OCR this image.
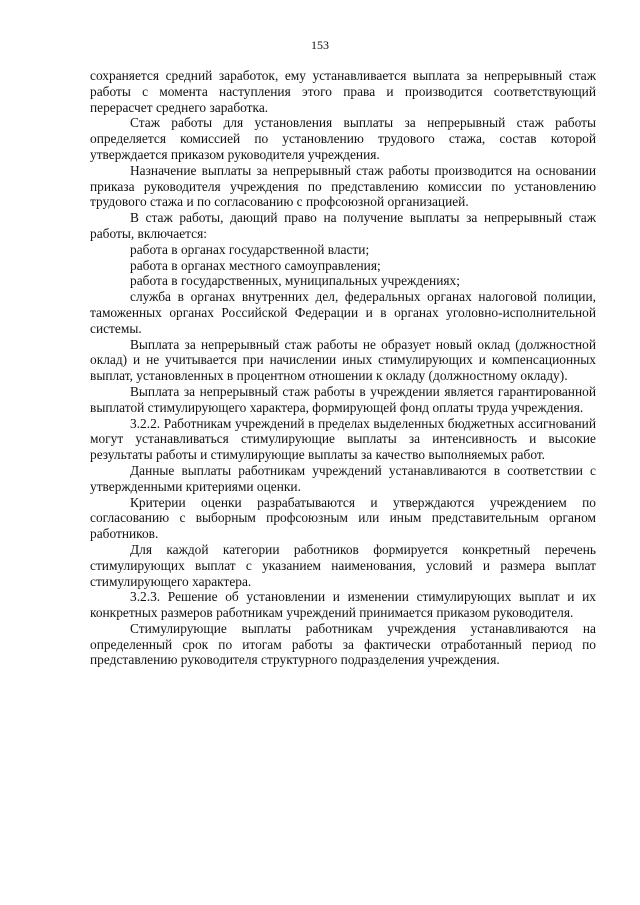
153

сохраняется средний заработок, ему устанавливается выплата за непрерывный стаж работы с момента наступления этого права и производится соответствующий перерасчет среднего заработка.

Стаж работы для установления выплаты за непрерывный стаж работы определяется комиссией по установлению трудового стажа, состав которой утверждается приказом руководителя учреждения.

Назначение выплаты за непрерывный стаж работы производится на основании приказа руководителя учреждения по представлению комиссии по установлению трудового стажа и по согласованию с профсоюзной организацией.

В стаж работы, дающий право на получение выплаты за непрерывный стаж работы, включается:

работа в органах государственной власти;

работа в органах местного самоуправления;

работа в государственных, муниципальных учреждениях;

служба в органах внутренних дел, федеральных органах налоговой полиции, таможенных органах Российской Федерации и в органах уголовно-исполнительной системы.

Выплата за непрерывный стаж работы не образует новый оклад (должностной оклад) и не учитывается при начислении иных стимулирующих и компенсационных выплат, установленных в процентном отношении к окладу (должностному окладу).

Выплата за непрерывный стаж работы в учреждении является гарантированной выплатой стимулирующего характера, формирующей фонд оплаты труда учреждения.

3.2.2. Работникам учреждений в пределах выделенных бюджетных ассигнований могут устанавливаться стимулирующие выплаты за интенсивность и высокие результаты работы и стимулирующие выплаты за качество выполняемых работ.

Данные выплаты работникам учреждений устанавливаются в соответствии с утвержденными критериями оценки.

Критерии оценки разрабатываются и утверждаются учреждением по согласованию с выборным профсоюзным или иным представительным органом работников.

Для каждой категории работников формируется конкретный перечень стимулирующих выплат с указанием наименования, условий и размера выплат стимулирующего характера.

3.2.3. Решение об установлении и изменении стимулирующих выплат и их конкретных размеров работникам учреждений принимается приказом руководителя.

Стимулирующие выплаты работникам учреждения устанавливаются на определенный срок по итогам работы за фактически отработанный период по представлению руководителя структурного подразделения учреждения.
